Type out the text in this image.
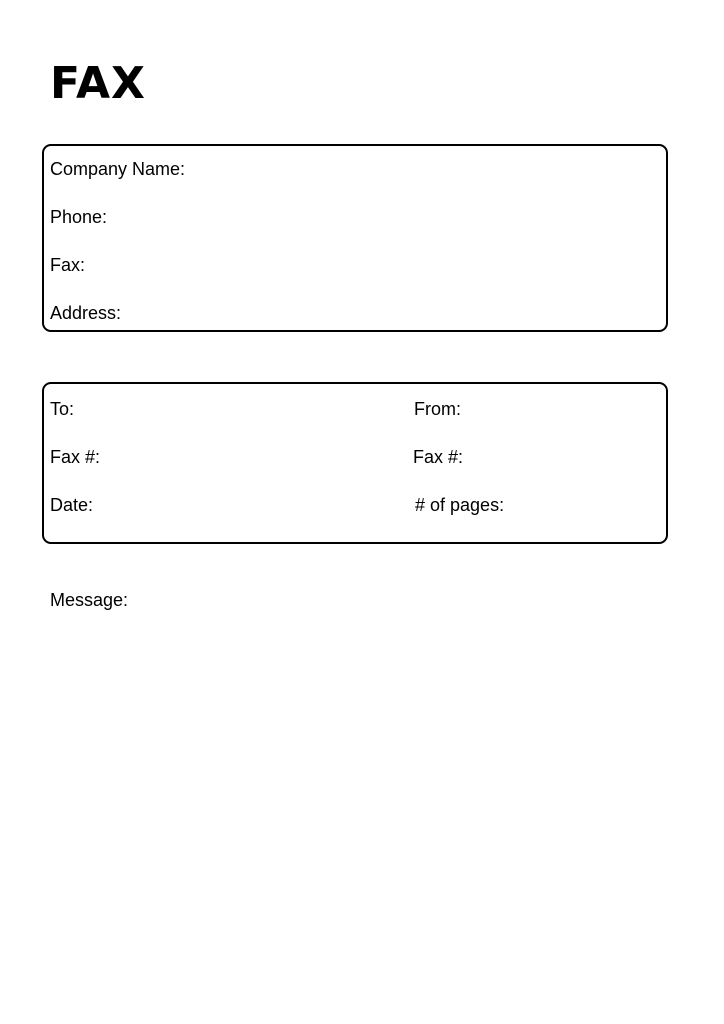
FAX
Company Name:
Phone:
Fax:
Address:
To:
Fax #:
Date:
From:
Fax #:
# of pages:
Message:
